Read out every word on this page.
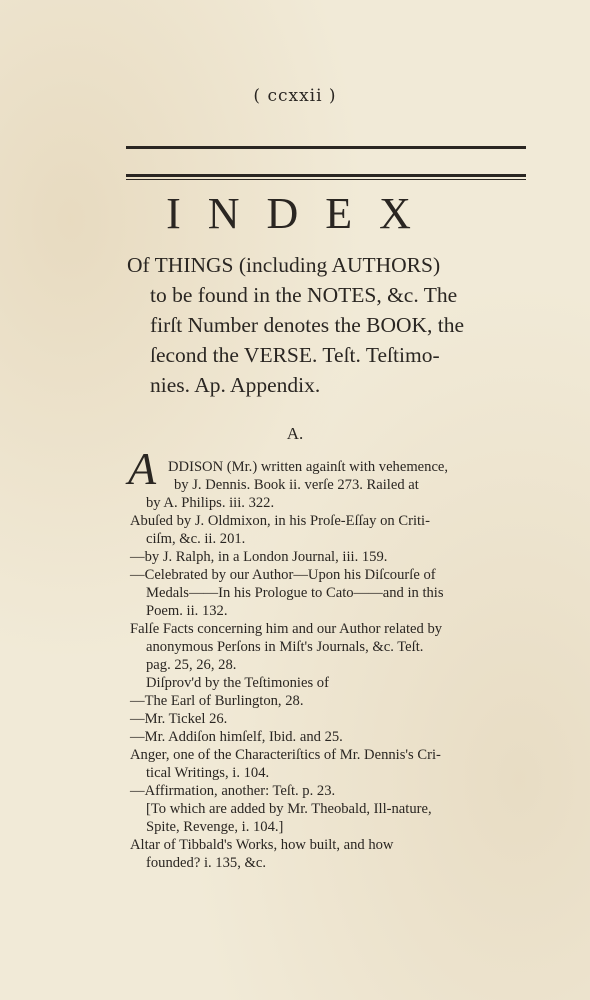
( ccxxii )
INDEX
Of THINGS (including AUTHORS)
to be found in the NOTES, &c. The
firſt Number denotes the BOOK, the
ſecond the VERSE. Teſt. Teſtimo-
nies. Ap. Appendix.
A.
A DDISON (Mr.) written againſt with vehemence,
by J. Dennis. Book ii. verſe 273. Railed at
by A. Philips. iii. 322.
Abuſed by J. Oldmixon, in his Proſe-Eſſay on Criti-
ciſm, &c. ii. 201.
—by J. Ralph, in a London Journal, iii. 159.
—Celebrated by our Author—Upon his Diſcourſe of
Medals——In his Prologue to Cato——and in this
Poem. ii. 132.
Falſe Facts concerning him and our Author related by
anonymous Perſons in Miſt's Journals, &c. Teſt.
pag. 25, 26, 28.
Diſprov'd by the Teſtimonies of
—The Earl of Burlington, 28.
—Mr. Tickel 26.
—Mr. Addiſon himſelf, Ibid. and 25.
Anger, one of the Characteriſtics of Mr. Dennis's Cri-
tical Writings, i. 104.
—Affirmation, another: Teſt. p. 23.
[To which are added by Mr. Theobald, Ill-nature,
Spite, Revenge, i. 104.]
Altar of Tibbald's Works, how built, and how
founded? i. 135, &c.
